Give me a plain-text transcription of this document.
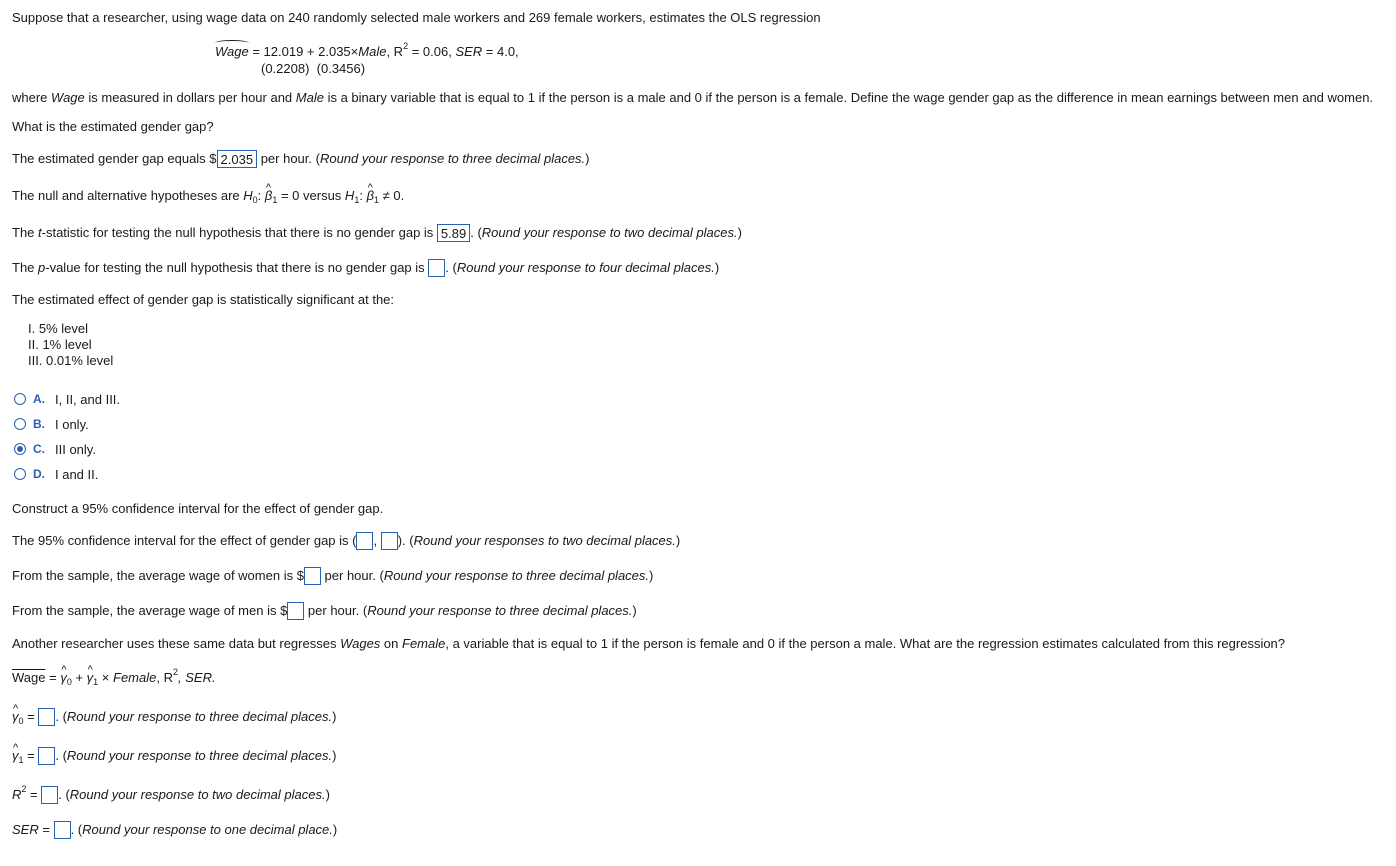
Suppose that a researcher, using wage data on 240 randomly selected male workers and 269 female workers, estimates the OLS regression
Wage = 12.019 + 2.035×Male, $R^2 = 0.06$, SER = 4.0,
(0.2208)  (0.3456)
where Wage is measured in dollars per hour and Male is a binary variable that is equal to 1 if the person is a male and 0 if the person is a female. Define the wage gender gap as the difference in mean earnings between men and women.
What is the estimated gender gap?
The estimated gender gap equals $ 2.035 per hour. (Round your response to three decimal places.)
The null and alternative hypotheses are $H_0$: ^ $\beta_1 = 0$ versus $H_1$: ^ $\beta_1 \ne 0$.
The t-statistic for testing the null hypothesis that there is no gender gap is 5.89 . (Round your response to two decimal places.)
The p-value for testing the null hypothesis that there is no gender gap is . (Round your response to four decimal places.)
The estimated effect of gender gap is statistically significant at the:
I. 5% level
II. 1% level
III. 0.01% level
A. I, II, and III.
B. I only.
C. III only.
D. I and II.
Construct a 95% confidence interval for the effect of gender gap.
The 95% confidence interval for the effect of gender gap is ( , ). (Round your responses to two decimal places.)
From the sample, the average wage of women is $ per hour. (Round your response to three decimal places.)
From the sample, the average wage of men is $ per hour. (Round your response to three decimal places.)
Another researcher uses these same data but regresses Wages on Female, a variable that is equal to 1 if the person is female and 0 if the person a male. What are the regression estimates calculated from this regression?
Wage = ^ $\gamma_0$ + ^ $\gamma_1$ × Female, $R^2$, SER.
^ $\gamma_0$ = . (Round your response to three decimal places.)
^ $\gamma_1$ = . (Round your response to three decimal places.)
$R^2$ = . (Round your response to two decimal places.)
SER = . (Round your response to one decimal place.)
